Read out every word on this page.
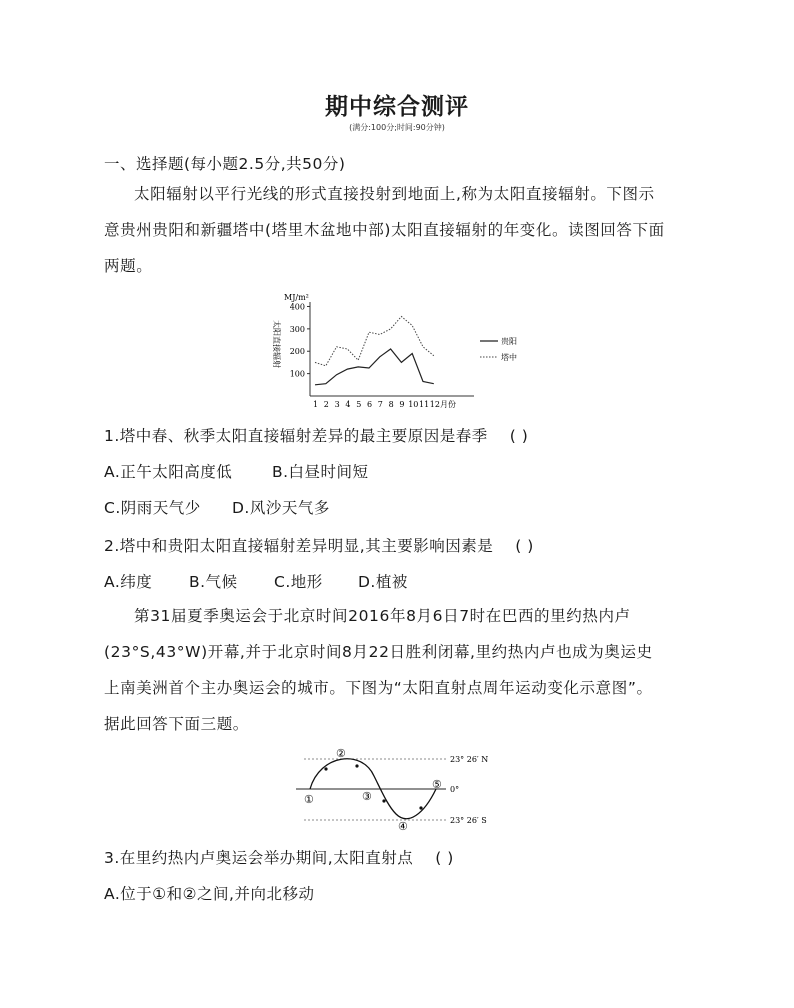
期中综合测评
(满分:100分;时间:90分钟)
一、选择题(每小题2.5分,共50分)
太阳辐射以平行光线的形式直接投射到地面上,称为太阳直接辐射。下图示
意贵州贵阳和新疆塔中(塔里木盆地中部)太阳直接辐射的年变化。读图回答下面
两题。
MJ/m²
太阳直接辐射
100
200
300
400
1 2 3 4 5 6 7 8 9 10 11 12月份
贵阳
塔中
1.塔中春、秋季太阳直接辐射差异的最主要原因是春季 ( )
A.正午太阳高度低	B.白昼时间短
C.阴雨天气少 D.风沙天气多
2.塔中和贵阳太阳直接辐射差异明显,其主要影响因素是 ( )
A.纬度 B.气候 C.地形 D.植被
第31届夏季奥运会于北京时间2016年8月6日7时在巴西的里约热内卢
(23°S,43°W)开幕,并于北京时间8月22日胜利闭幕,里约热内卢也成为奥运史
上南美洲首个主办奥运会的城市。下图为“太阳直射点周年运动变化示意图”。
据此回答下面三题。
①
②
③
④
⑤
23° 26′ N
0°
23° 26′ S
3.在里约热内卢奥运会举办期间,太阳直射点 ( )
A.位于①和②之间,并向北移动
